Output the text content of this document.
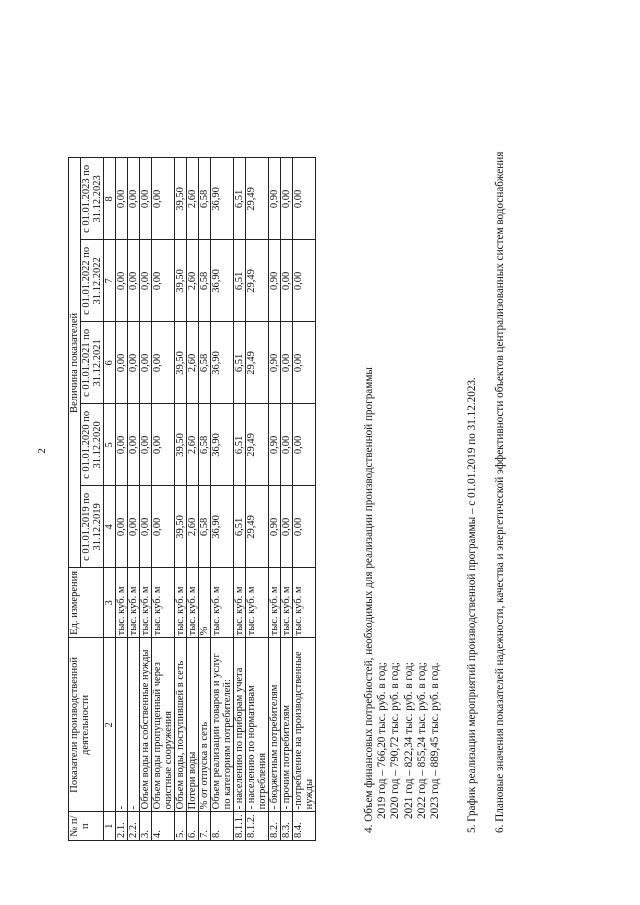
2
№ п/п	Показатели производственной деятельности	Ед. измерения	Величина показателей				
			с 01.01.2019 по 31.12.2019	с 01.01.2020 по 31.12.2020	с 01.01.2021 по 31.12.2021	с 01.01.2022 по 31.12.2022	с 01.01.2023 по 31.12.2023
1	2	3	4	5	6	7	8
2.1.	-	тыс. куб. м	0,00	0,00	0,00	0,00	0,00
2.2.	-	тыс. куб. м	0,00	0,00	0,00	0,00	0,00
3.	Объем воды на собственные нужды	тыс. куб. м	0,00	0,00	0,00	0,00	0,00
4.	Объем воды пропущенный через очистные сооружения	тыс. куб. м	0,00	0,00	0,00	0,00	0,00
5.	Объем воды, поступившей в сеть	тыс. куб. м	39,50	39,50	39,50	39,50	39,50
6.	Потери воды	тыс. куб. м	2,60	2,60	2,60	2,60	2,60
7.	% от отпуска в сеть	%	6,58	6,58	6,58	6,58	6,58
8.	Объем реализации товаров и услуг по категориям потребителей:	тыс. куб. м	36,90	36,90	36,90	36,90	36,90
8.1.1.	- населению по приборам учета	тыс. куб. м	6,51	6,51	6,51	6,51	6,51
8.1.2.	- населению по нормативам потребления	тыс. куб. м	29,49	29,49	29,49	29,49	29,49
8.2.	- бюджетным потребителям	тыс. куб. м	0,90	0,90	0,90	0,90	0,90
8.3.	- прочим потребителям	тыс. куб. м	0,00	0,00	0,00	0,00	0,00
8.4.	-потребление на производственные нужды	тыс. куб. м	0,00	0,00	0,00	0,00	0,00
4. Объем финансовых потребностей, необходимых для реализации производственной программы 2019 год – 766,20 тыс. руб. в год; 2020 год – 790,72 тыс. руб. в год; 2021 год – 822,34 тыс. руб. в год; 2022 год – 855,24 тыс. руб. в год; 2023 год – 889,45 тыс. руб. в год. 5. График реализации мероприятий производственной программы – с 01.01.2019 по 31.12.2023. 6. Плановые значения показателей надежности, качества и энергетической эффективности объектов централизованных систем водоснабжения
